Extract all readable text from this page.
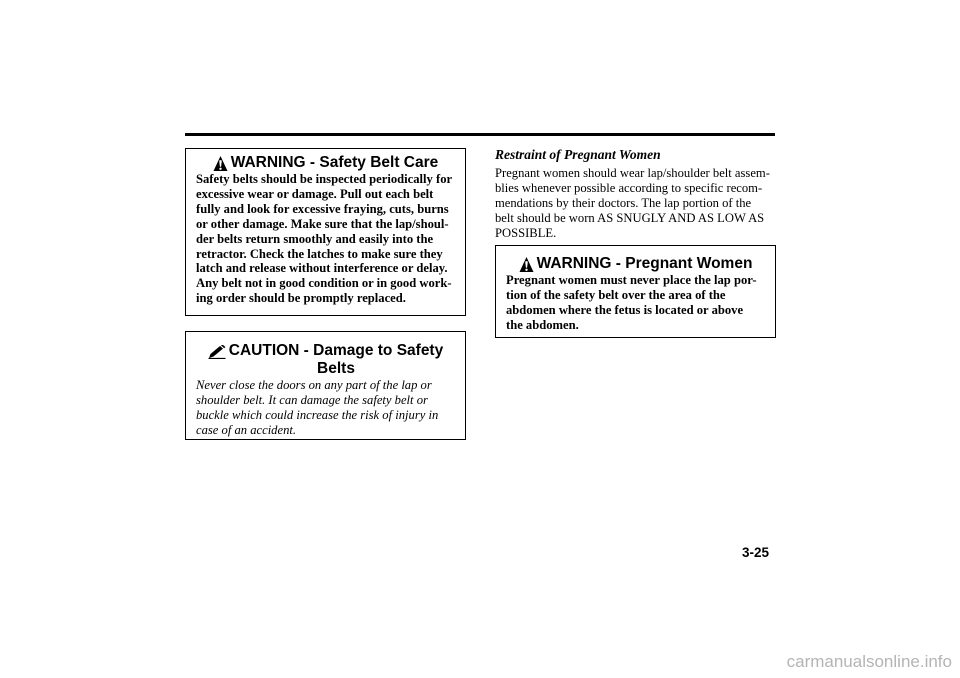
WARNING - Safety Belt Care
Safety belts should be inspected periodically for
excessive wear or damage. Pull out each belt
fully and look for excessive fraying, cuts, burns
or other damage. Make sure that the lap/shoul-
der belts return smoothly and easily into the
retractor. Check the latches to make sure they
latch and release without interference or delay.
Any belt not in good condition or in good work-
ing order should be promptly replaced.
CAUTION - Damage to Safety
Belts
Never close the doors on any part of the lap or
shoulder belt. It can damage the safety belt or
buckle which could increase the risk of injury in
case of an accident.
Restraint of Pregnant Women
Pregnant women should wear lap/shoulder belt assem-
blies whenever possible according to specific recom-
mendations by their doctors. The lap portion of the
belt should be worn AS SNUGLY AND AS LOW AS
POSSIBLE.
WARNING - Pregnant Women
Pregnant women must never place the lap por-
tion of the safety belt over the area of the
abdomen where the fetus is located or above
the abdomen.
3-25
carmanualsonline.info
